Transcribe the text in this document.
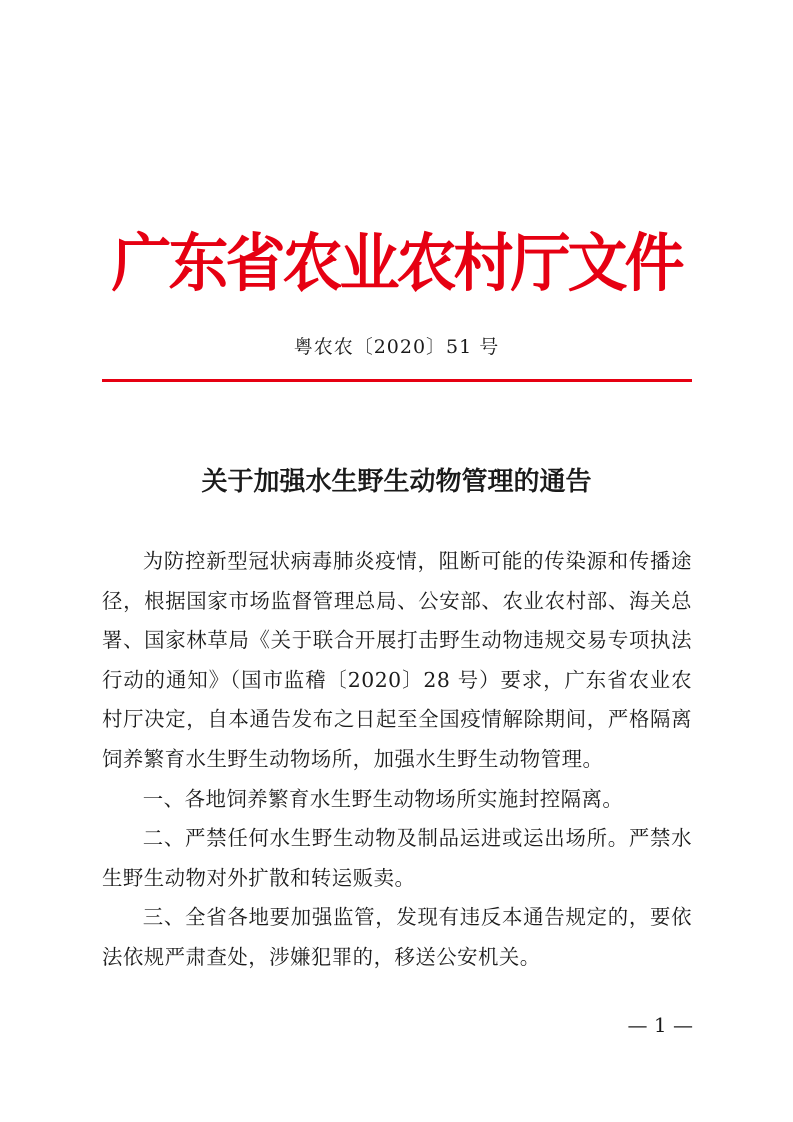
广东省农业农村厅文件
粤农农〔2020〕51 号
关于加强水生野生动物管理的通告

为防控新型冠状病毒肺炎疫情，阻断可能的传染源和传播途径，根据国家市场监督管理总局、公安部、农业农村部、海关总署、国家林草局《关于联合开展打击野生动物违规交易专项执法行动的通知》（国市监稽〔2020〕28 号）要求，广东省农业农村厅决定，自本通告发布之日起至全国疫情解除期间，严格隔离饲养繁育水生野生动物场所，加强水生野生动物管理。

一、各地饲养繁育水生野生动物场所实施封控隔离。

二、严禁任何水生野生动物及制品运进或运出场所。严禁水生野生动物对外扩散和转运贩卖。

三、全省各地要加强监管，发现有违反本通告规定的，要依法依规严肃查处，涉嫌犯罪的，移送公安机关。

— 1 —
